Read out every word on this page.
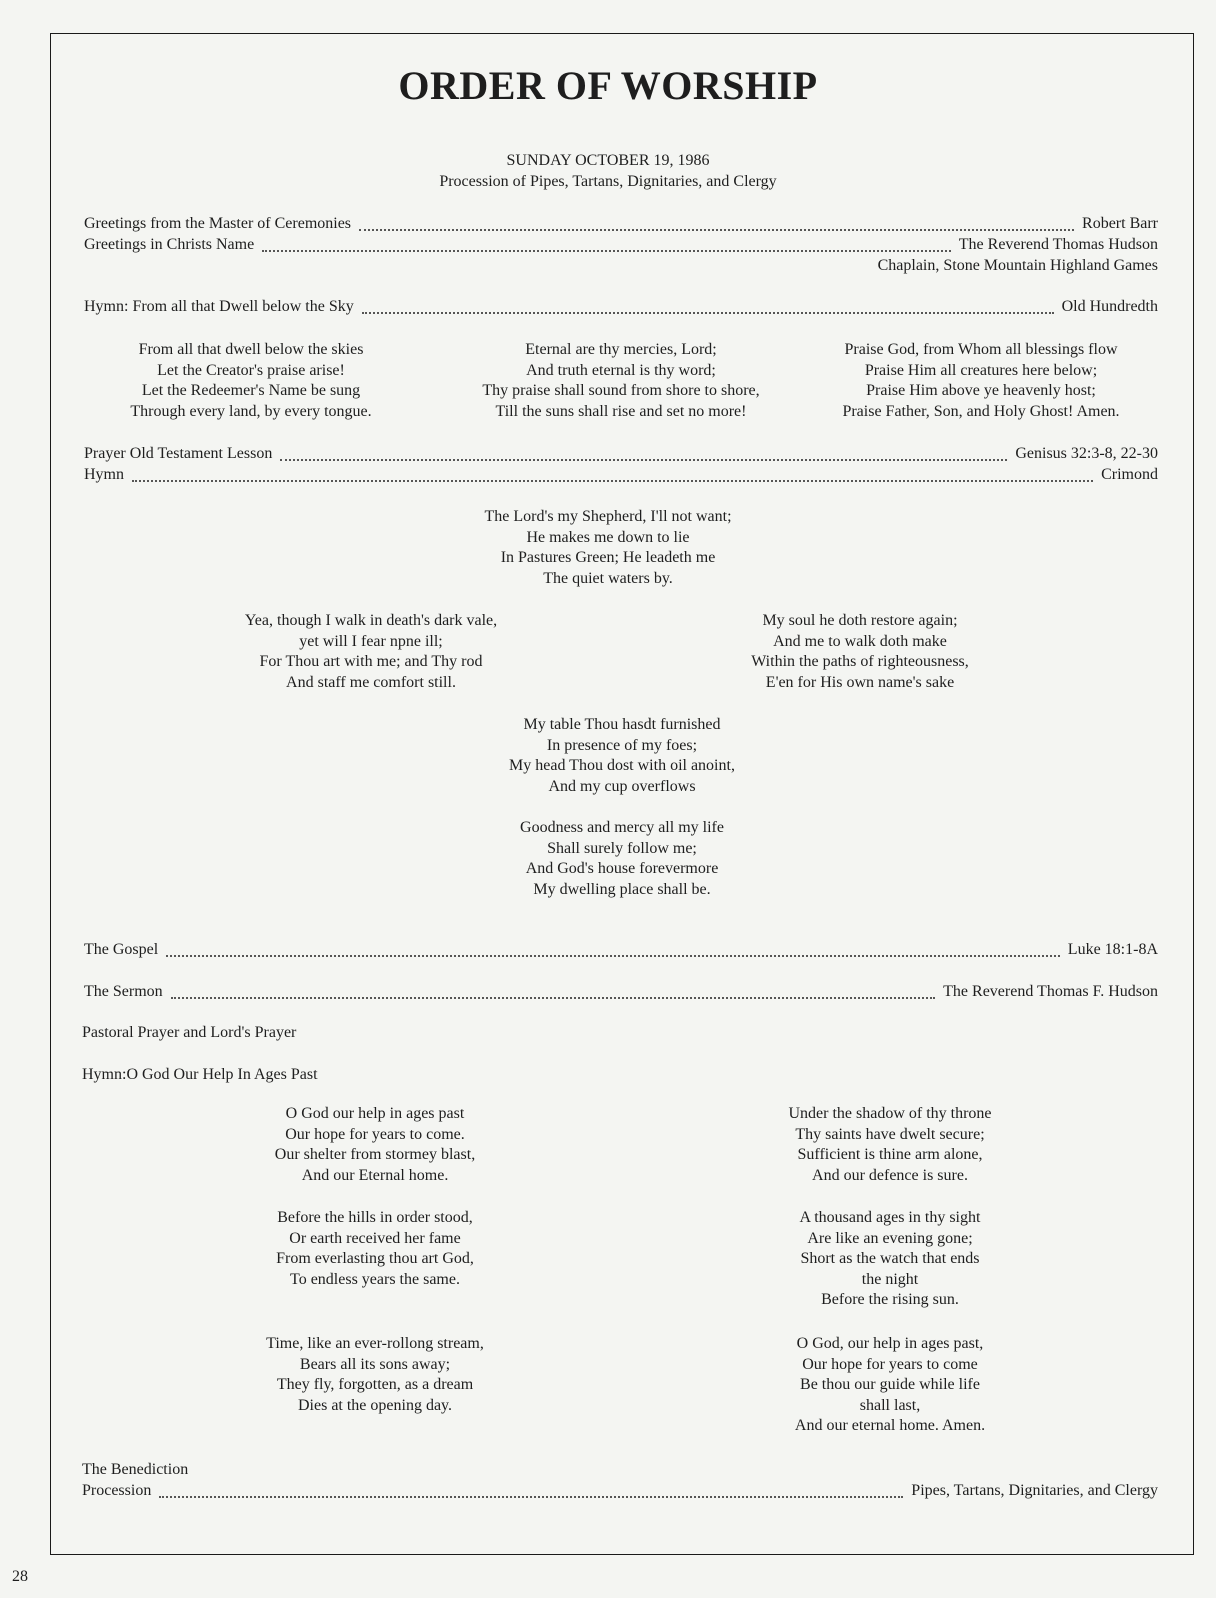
ORDER OF WORSHIP
SUNDAY OCTOBER 19, 1986
Procession of Pipes, Tartans, Dignitaries, and Clergy
Greetings from the Master of Ceremonies	Robert Barr
Greetings in Christs Name	The Reverend Thomas Hudson
Chaplain, Stone Mountain Highland Games
Hymn: From all that Dwell below the Sky	Old Hundredth
From all that dwell below the skies
Let the Creator's praise arise!
Let the Redeemer's Name be sung
Through every land, by every tongue.
Eternal are thy mercies, Lord;
And truth eternal is thy word;
Thy praise shall sound from shore to shore,
Till the suns shall rise and set no more!
Praise God, from Whom all blessings flow
Praise Him all creatures here below;
Praise Him above ye heavenly host;
Praise Father, Son, and Holy Ghost! Amen.
Prayer Old Testament Lesson	Genisus 32:3-8, 22-30
Hymn	Crimond
The Lord's my Shepherd, I'll not want;
He makes me down to lie
In Pastures Green; He leadeth me
The quiet waters by.
Yea, though I walk in death's dark vale,
yet will I fear npne ill;
For Thou art with me; and Thy rod
And staff me comfort still.
My soul he doth restore again;
And me to walk doth make
Within the paths of righteousness,
E'en for His own name's sake
My table Thou hasdt furnished
In presence of my foes;
My head Thou dost with oil anoint,
And my cup overflows
Goodness and mercy all my life
Shall surely follow me;
And God's house forevermore
My dwelling place shall be.
The Gospel	Luke 18:1-8A
The Sermon	The Reverend Thomas F. Hudson
Pastoral Prayer and Lord's Prayer
Hymn:O God Our Help In Ages Past
O God our help in ages past
Our hope for years to come.
Our shelter from stormey blast,
And our Eternal home.
Under the shadow of thy throne
Thy saints have dwelt secure;
Sufficient is thine arm alone,
And our defence is sure.
Before the hills in order stood,
Or earth received her fame
From everlasting thou art God,
To endless years the same.
A thousand ages in thy sight
Are like an evening gone;
Short as the watch that ends
the night
Before the rising sun.
Time, like an ever-rollong stream,
Bears all its sons away;
They fly, forgotten, as a dream
Dies at the opening day.
O God, our help in ages past,
Our hope for years to come
Be thou our guide while life
shall last,
And our eternal home. Amen.
The Benediction
Procession	Pipes, Tartans, Dignitaries, and Clergy
28
